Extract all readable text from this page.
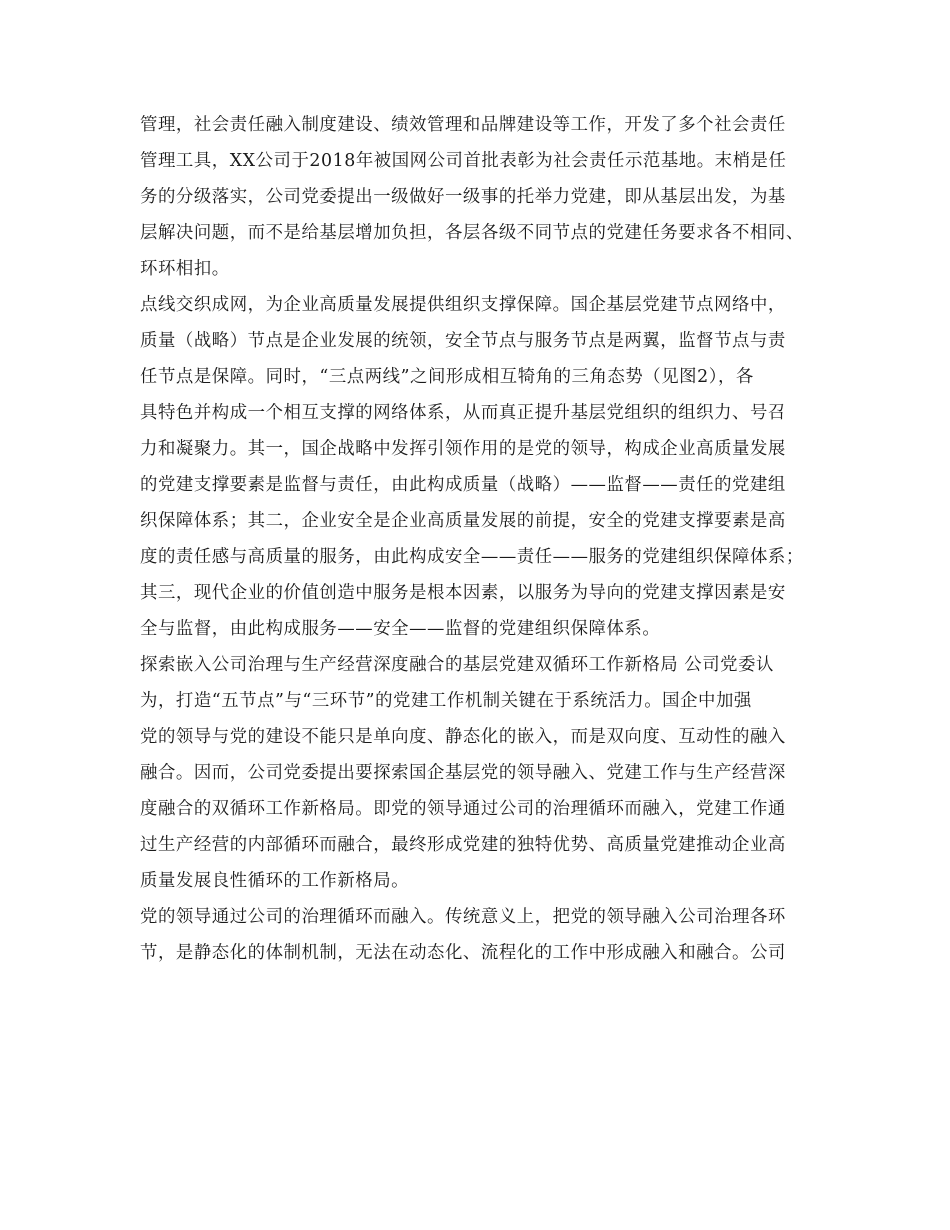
管理，社会责任融入制度建设、绩效管理和品牌建设等工作，开发了多个社会责任
管理工具，XX公司于2018年被国网公司首批表彰为社会责任示范基地。末梢是任
务的分级落实，公司党委提出一级做好一级事的托举力党建，即从基层出发，为基
层解决问题，而不是给基层增加负担，各层各级不同节点的党建任务要求各不相同、
环环相扣。
点线交织成网，为企业高质量发展提供组织支撑保障。国企基层党建节点网络中，
质量（战略）节点是企业发展的统领，安全节点与服务节点是两翼，监督节点与责
任节点是保障。同时，“三点两线”之间形成相互犄角的三角态势（见图2），各
具特色并构成一个相互支撑的网络体系，从而真正提升基层党组织的组织力、号召
力和凝聚力。其一，国企战略中发挥引领作用的是党的领导，构成企业高质量发展
的党建支撑要素是监督与责任，由此构成质量（战略）——监督——责任的党建组
织保障体系；其二，企业安全是企业高质量发展的前提，安全的党建支撑要素是高
度的责任感与高质量的服务，由此构成安全——责任——服务的党建组织保障体系；
其三，现代企业的价值创造中服务是根本因素，以服务为导向的党建支撑因素是安
全与监督，由此构成服务——安全——监督的党建组织保障体系。
探索嵌入公司治理与生产经营深度融合的基层党建双循环工作新格局 公司党委认
为，打造“五节点”与“三环节”的党建工作机制关键在于系统活力。国企中加强
党的领导与党的建设不能只是单向度、静态化的嵌入，而是双向度、互动性的融入
融合。因而，公司党委提出要探索国企基层党的领导融入、党建工作与生产经营深
度融合的双循环工作新格局。即党的领导通过公司的治理循环而融入，党建工作通
过生产经营的内部循环而融合，最终形成党建的独特优势、高质量党建推动企业高
质量发展良性循环的工作新格局。
党的领导通过公司的治理循环而融入。传统意义上，把党的领导融入公司治理各环
节，是静态化的体制机制，无法在动态化、流程化的工作中形成融入和融合。公司
